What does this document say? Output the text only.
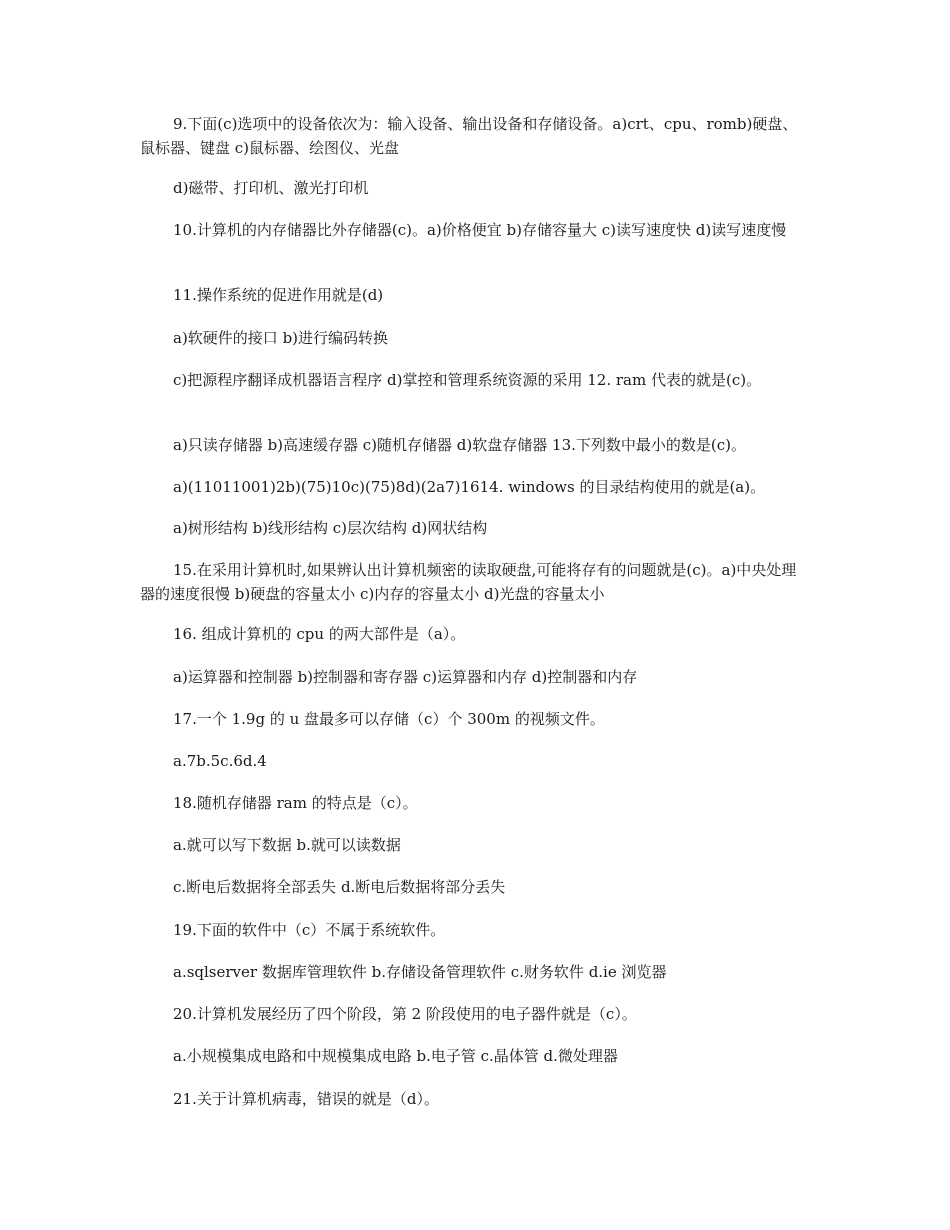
9.下面(c)选项中的设备依次为：输入设备、输出设备和存储设备。a)crt、cpu、romb)硬盘、鼠标器、键盘 c)鼠标器、绘图仪、光盘
d)磁带、打印机、激光打印机
10.计算机的内存储器比外存储器(c)。a)价格便宜 b)存储容量大 c)读写速度快 d)读写速度慢
11.操作系统的促进作用就是(d)
a)软硬件的接口 b)进行编码转换
c)把源程序翻译成机器语言程序 d)掌控和管理系统资源的采用 12. ram 代表的就是(c)。
a)只读存储器 b)高速缓存器 c)随机存储器 d)软盘存储器 13.下列数中最小的数是(c)。
a)(11011001)2b)(75)10c)(75)8d)(2a7)1614. windows 的目录结构使用的就是(a)。
a)树形结构 b)线形结构 c)层次结构 d)网状结构
15.在采用计算机时,如果辨认出计算机频密的读取硬盘,可能将存有的问题就是(c)。a)中央处理器的速度很慢 b)硬盘的容量太小 c)内存的容量太小 d)光盘的容量太小
16. 组成计算机的 cpu 的两大部件是（a）。
a)运算器和控制器 b)控制器和寄存器 c)运算器和内存 d)控制器和内存
17.一个 1.9g 的 u 盘最多可以存储（c）个 300m 的视频文件。
a.7b.5c.6d.4
18.随机存储器 ram 的特点是（c）。
a.就可以写下数据 b.就可以读数据
c.断电后数据将全部丢失 d.断电后数据将部分丢失
19.下面的软件中（c）不属于系统软件。
a.sqlserver 数据库管理软件 b.存储设备管理软件 c.财务软件 d.ie 浏览器
20.计算机发展经历了四个阶段，第 2 阶段使用的电子器件就是（c）。
a.小规模集成电路和中规模集成电路 b.电子管 c.晶体管 d.微处理器
21.关于计算机病毒，错误的就是（d）。
